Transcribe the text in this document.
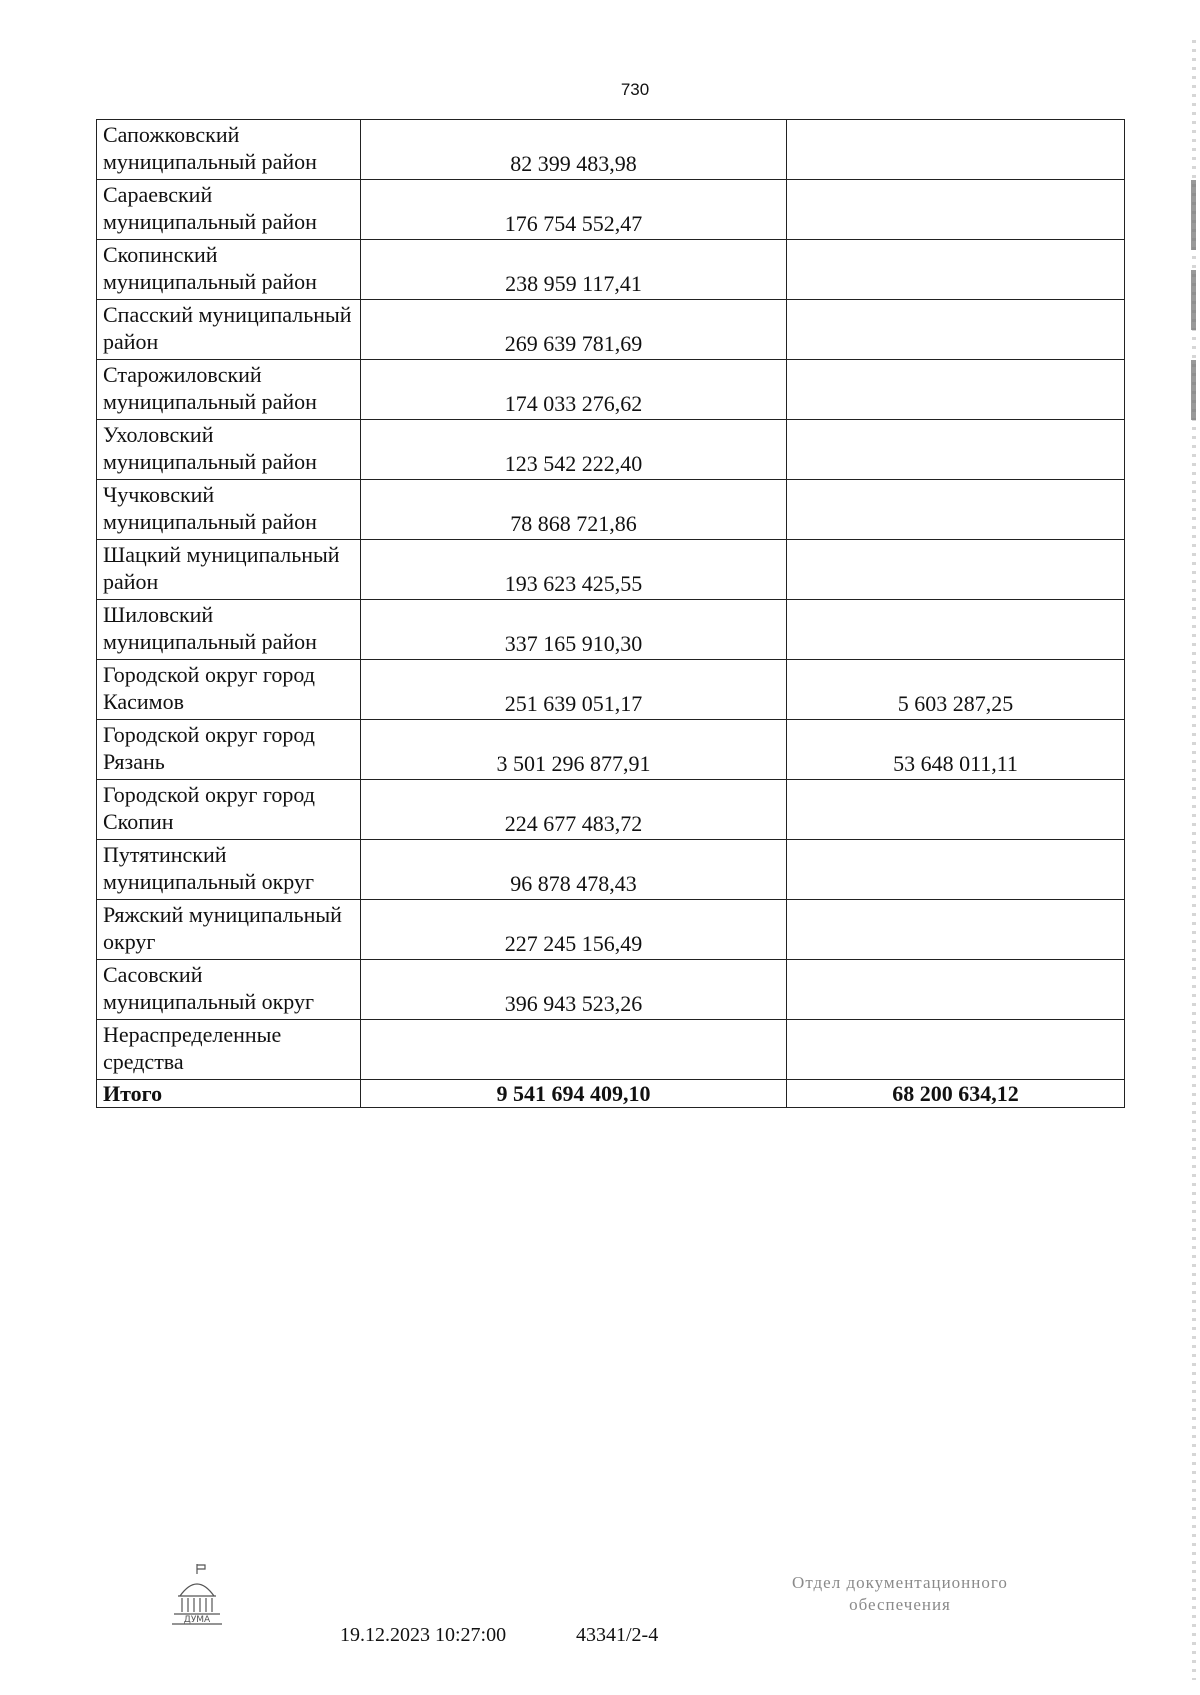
730
Сапожковский муниципальный район	82 399 483,98	
Сараевский муниципальный район	176 754 552,47	
Скопинский муниципальный район	238 959 117,41	
Спасский муниципальный район	269 639 781,69	
Старожиловский муниципальный район	174 033 276,62	
Ухоловский муниципальный район	123 542 222,40	
Чучковский муниципальный район	78 868 721,86	
Шацкий муниципальный район	193 623 425,55	
Шиловский муниципальный район	337 165 910,30	
Городской округ город Касимов	251 639 051,17	5 603 287,25
Городской округ город Рязань	3 501 296 877,91	53 648 011,11
Городской округ город Скопин	224 677 483,72	
Путятинский муниципальный округ	96 878 478,43	
Ряжский муниципальный округ	227 245 156,49	
Сасовский муниципальный округ	396 943 523,26	
Нераспределенные средства		
Итого	9 541 694 409,10	68 200 634,12
ДУМА
19.12.2023 10:27:00	43341/2-4
Отдел документационного
обеспечения
